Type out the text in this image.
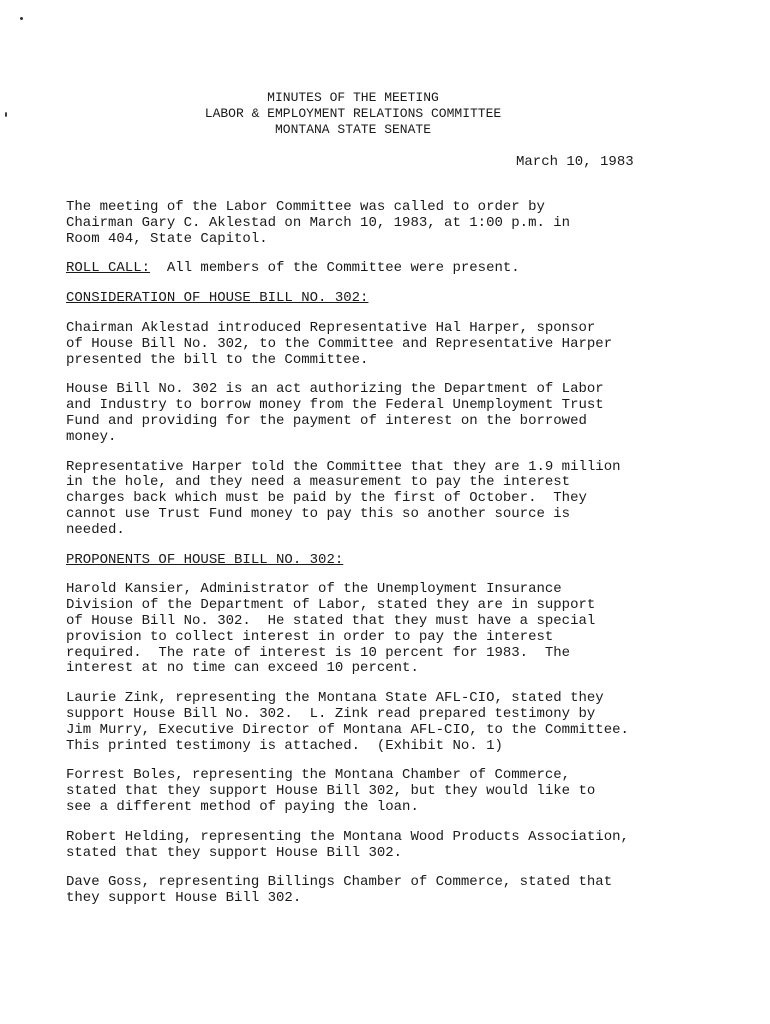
MINUTES OF THE MEETING
LABOR & EMPLOYMENT RELATIONS COMMITTEE
MONTANA STATE SENATE
March 10, 1983

The meeting of the Labor Committee was called to order by
Chairman Gary C. Aklestad on March 10, 1983, at 1:00 p.m. in
Room 404, State Capitol.

ROLL CALL:  All members of the Committee were present.

CONSIDERATION OF HOUSE BILL NO. 302:

Chairman Aklestad introduced Representative Hal Harper, sponsor
of House Bill No. 302, to the Committee and Representative Harper
presented the bill to the Committee.

House Bill No. 302 is an act authorizing the Department of Labor
and Industry to borrow money from the Federal Unemployment Trust
Fund and providing for the payment of interest on the borrowed
money.

Representative Harper told the Committee that they are 1.9 million
in the hole, and they need a measurement to pay the interest
charges back which must be paid by the first of October.  They
cannot use Trust Fund money to pay this so another source is
needed.

PROPONENTS OF HOUSE BILL NO. 302:

Harold Kansier, Administrator of the Unemployment Insurance
Division of the Department of Labor, stated they are in support
of House Bill No. 302.  He stated that they must have a special
provision to collect interest in order to pay the interest
required.  The rate of interest is 10 percent for 1983.  The
interest at no time can exceed 10 percent.

Laurie Zink, representing the Montana State AFL-CIO, stated they
support House Bill No. 302.  L. Zink read prepared testimony by
Jim Murry, Executive Director of Montana AFL-CIO, to the Committee.
This printed testimony is attached.  (Exhibit No. 1)

Forrest Boles, representing the Montana Chamber of Commerce,
stated that they support House Bill 302, but they would like to
see a different method of paying the loan.

Robert Helding, representing the Montana Wood Products Association,
stated that they support House Bill 302.

Dave Goss, representing Billings Chamber of Commerce, stated that
they support House Bill 302.
